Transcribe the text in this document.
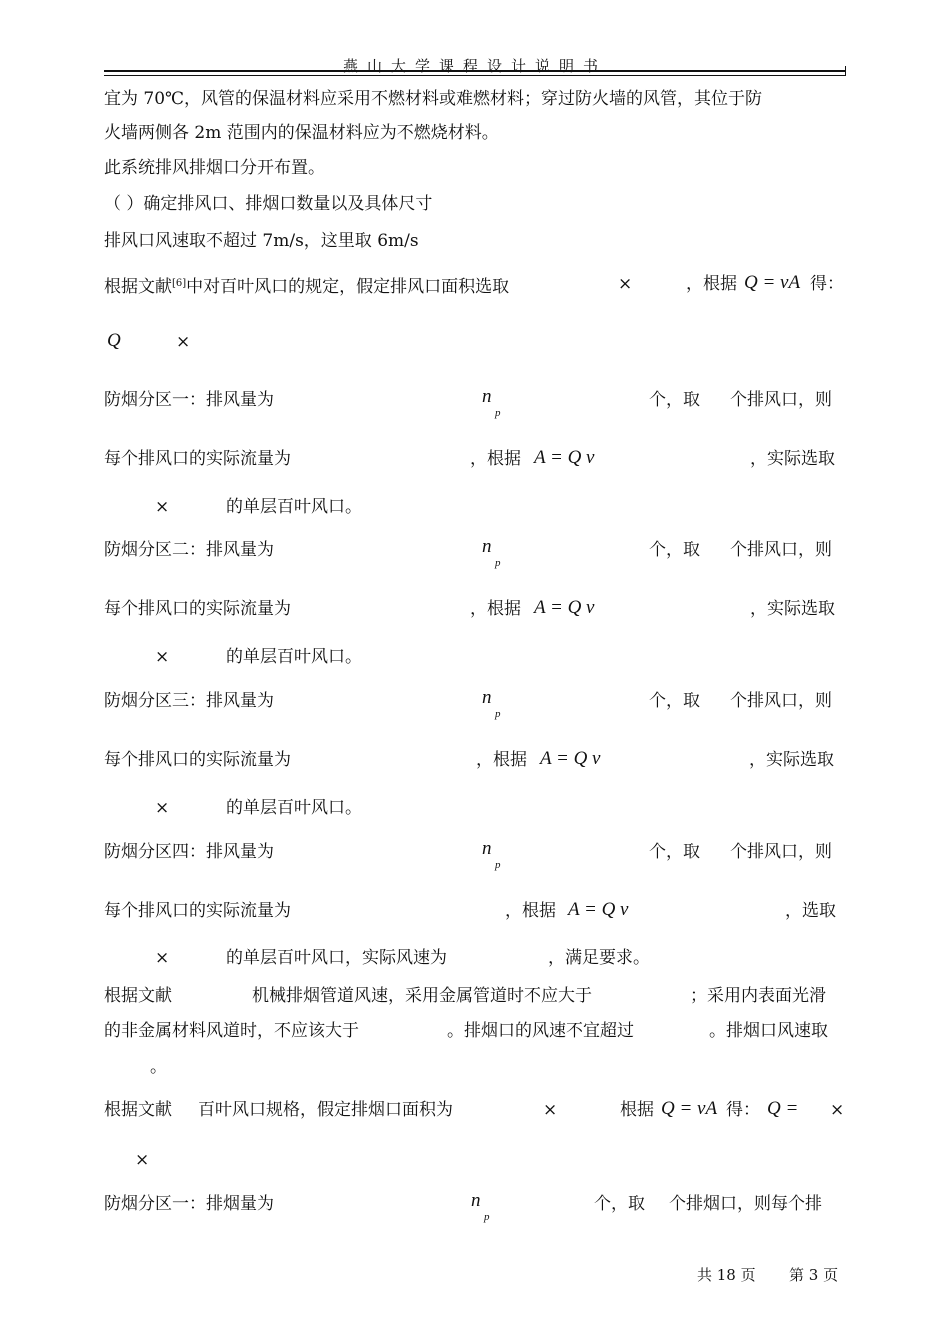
燕山大学课程设计说明书
宜为 70℃，风管的保温材料应采用不燃材料或难燃材料；穿过防火墙的风管，其位于防
火墙两侧各 2m 范围内的保温材料应为不燃烧材料。
此系统排风排烟口分开布置。
（ ）确定排风口、排烟口数量以及具体尺寸
排风口风速取不超过 7m/s，这里取 6m/s
根据文献[6]中对百叶风口的规定，假定排风口面积选取	×	，根据 Q = vA 得：
Q	×
防烟分区一：排风量为	n
p
个，取 个排风口，则
每个排风口的实际流量为	，根据 A = Q v	，实际选取
×	的单层百叶风口。
防烟分区二：排风量为	n
p
个，取 个排风口，则
每个排风口的实际流量为	，根据 A = Q v	，实际选取
×	的单层百叶风口。
防烟分区三：排风量为	n
p
个，取 个排风口，则
每个排风口的实际流量为	，根据 A = Q v	，实际选取
×	的单层百叶风口。
防烟分区四：排风量为	n
p
个，取 个排风口，则
每个排风口的实际流量为	，根据 A = Q v	，选取
×	的单层百叶风口，实际风速为	，满足要求。
根据文献	机械排烟管道风速，采用金属管道时不应大于	；采用内表面光滑
的非金属材料风道时，不应该大于	。排烟口的风速不宜超过	。排烟口风速取
。
根据文献 百叶风口规格，假定排烟口面积为	×	根据 Q = vA 得： Q = ×
×
防烟分区一：排烟量为	n
p
个，取 个排烟口，则每个排
共 18 页 第 3 页
